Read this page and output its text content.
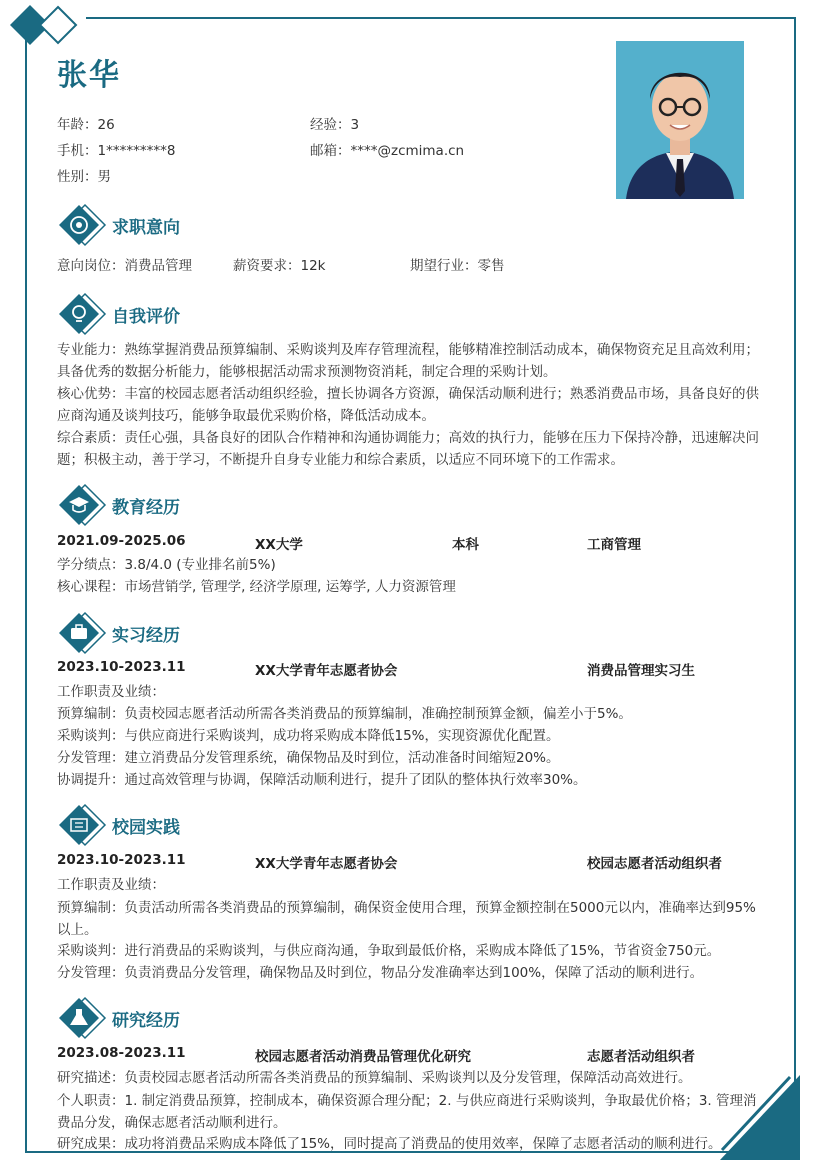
张华
年龄：26	经验：3
手机：1*********8	邮箱：****@zcmima.cn
性别：男
求职意向
意向岗位：消费品管理	薪资要求：12k	期望行业：零售
自我评价
专业能力：熟练掌握消费品预算编制、采购谈判及库存管理流程，能够精准控制活动成本，确保物资充足且高效利用；具备优秀的数据分析能力，能够根据活动需求预测物资消耗，制定合理的采购计划。
核心优势：丰富的校园志愿者活动组织经验，擅长协调各方资源，确保活动顺利进行；熟悉消费品市场，具备良好的供应商沟通及谈判技巧，能够争取最优采购价格，降低活动成本。
综合素质：责任心强，具备良好的团队合作精神和沟通协调能力；高效的执行力，能够在压力下保持冷静，迅速解决问题；积极主动，善于学习，不断提升自身专业能力和综合素质，以适应不同环境下的工作需求。
教育经历
2021.09-2025.06	XX大学	本科	工商管理
学分绩点：3.8/4.0 (专业排名前5%)
核心课程：市场营销学, 管理学, 经济学原理, 运筹学, 人力资源管理
实习经历
2023.10-2023.11	XX大学青年志愿者协会	消费品管理实习生
工作职责及业绩：
预算编制：负责校园志愿者活动所需各类消费品的预算编制，准确控制预算金额，偏差小于5%。
采购谈判：与供应商进行采购谈判，成功将采购成本降低15%，实现资源优化配置。
分发管理：建立消费品分发管理系统，确保物品及时到位，活动准备时间缩短20%。
协调提升：通过高效管理与协调，保障活动顺利进行，提升了团队的整体执行效率30%。
校园实践
2023.10-2023.11	XX大学青年志愿者协会	校园志愿者活动组织者
工作职责及业绩：
预算编制：负责活动所需各类消费品的预算编制，确保资金使用合理，预算金额控制在5000元以内，准确率达到95%以上。
采购谈判：进行消费品的采购谈判，与供应商沟通，争取到最低价格，采购成本降低了15%，节省资金750元。
分发管理：负责消费品分发管理，确保物品及时到位，物品分发准确率达到100%，保障了活动的顺利进行。
研究经历
2023.08-2023.11	校园志愿者活动消费品管理优化研究	志愿者活动组织者
研究描述：负责校园志愿者活动所需各类消费品的预算编制、采购谈判以及分发管理，保障活动高效进行。
个人职责：1. 制定消费品预算，控制成本，确保资源合理分配；2. 与供应商进行采购谈判，争取最优价格；3. 管理消费品分发，确保志愿者活动顺利进行。
研究成果：成功将消费品采购成本降低了15%，同时提高了消费品的使用效率，保障了志愿者活动的顺利进行。
